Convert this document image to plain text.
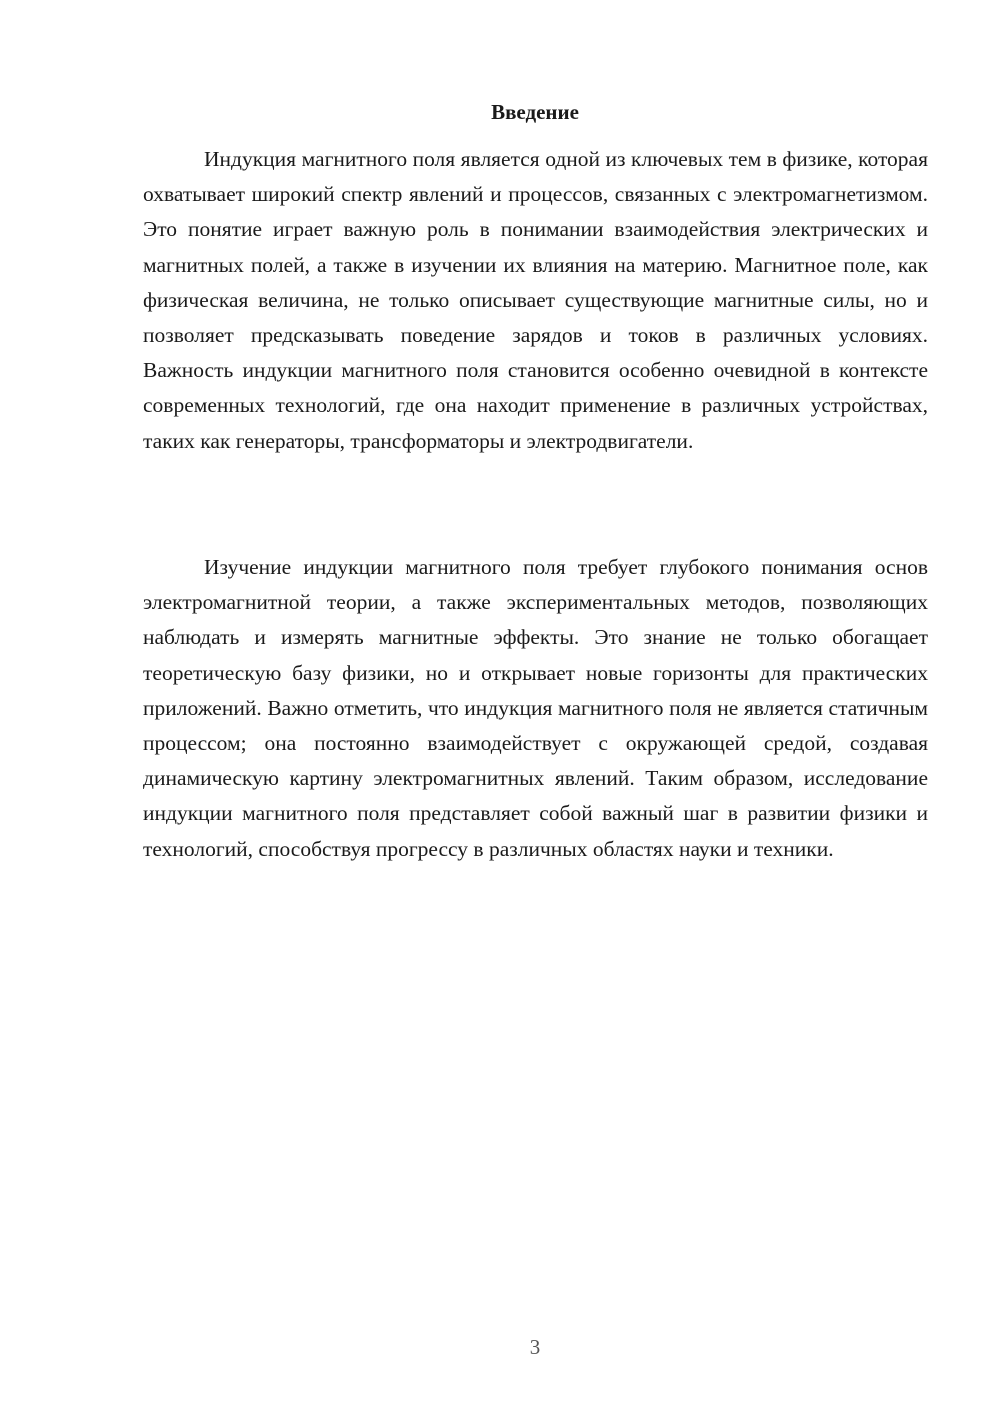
Введение

Индукция магнитного поля является одной из ключевых тем в физике, которая охватывает широкий спектр явлений и процессов, связанных с электромагнетизмом. Это понятие играет важную роль в понимании взаимодействия электрических и магнитных полей, а также в изучении их влияния на материю. Магнитное поле, как физическая величина, не только описывает существующие магнитные силы, но и позволяет предсказывать поведение зарядов и токов в различных условиях. Важность индукции магнитного поля становится особенно очевидной в контексте современных технологий, где она находит применение в различных устройствах, таких как генераторы, трансформаторы и электродвигатели.

Изучение индукции магнитного поля требует глубокого понимания основ электромагнитной теории, а также экспериментальных методов, позволяющих наблюдать и измерять магнитные эффекты. Это знание не только обогащает теоретическую базу физики, но и открывает новые горизонты для практических приложений. Важно отметить, что индукция магнитного поля не является статичным процессом; она постоянно взаимодействует с окружающей средой, создавая динамическую картину электромагнитных явлений. Таким образом, исследование индукции магнитного поля представляет собой важный шаг в развитии физики и технологий, способствуя прогрессу в различных областях науки и техники.

3
